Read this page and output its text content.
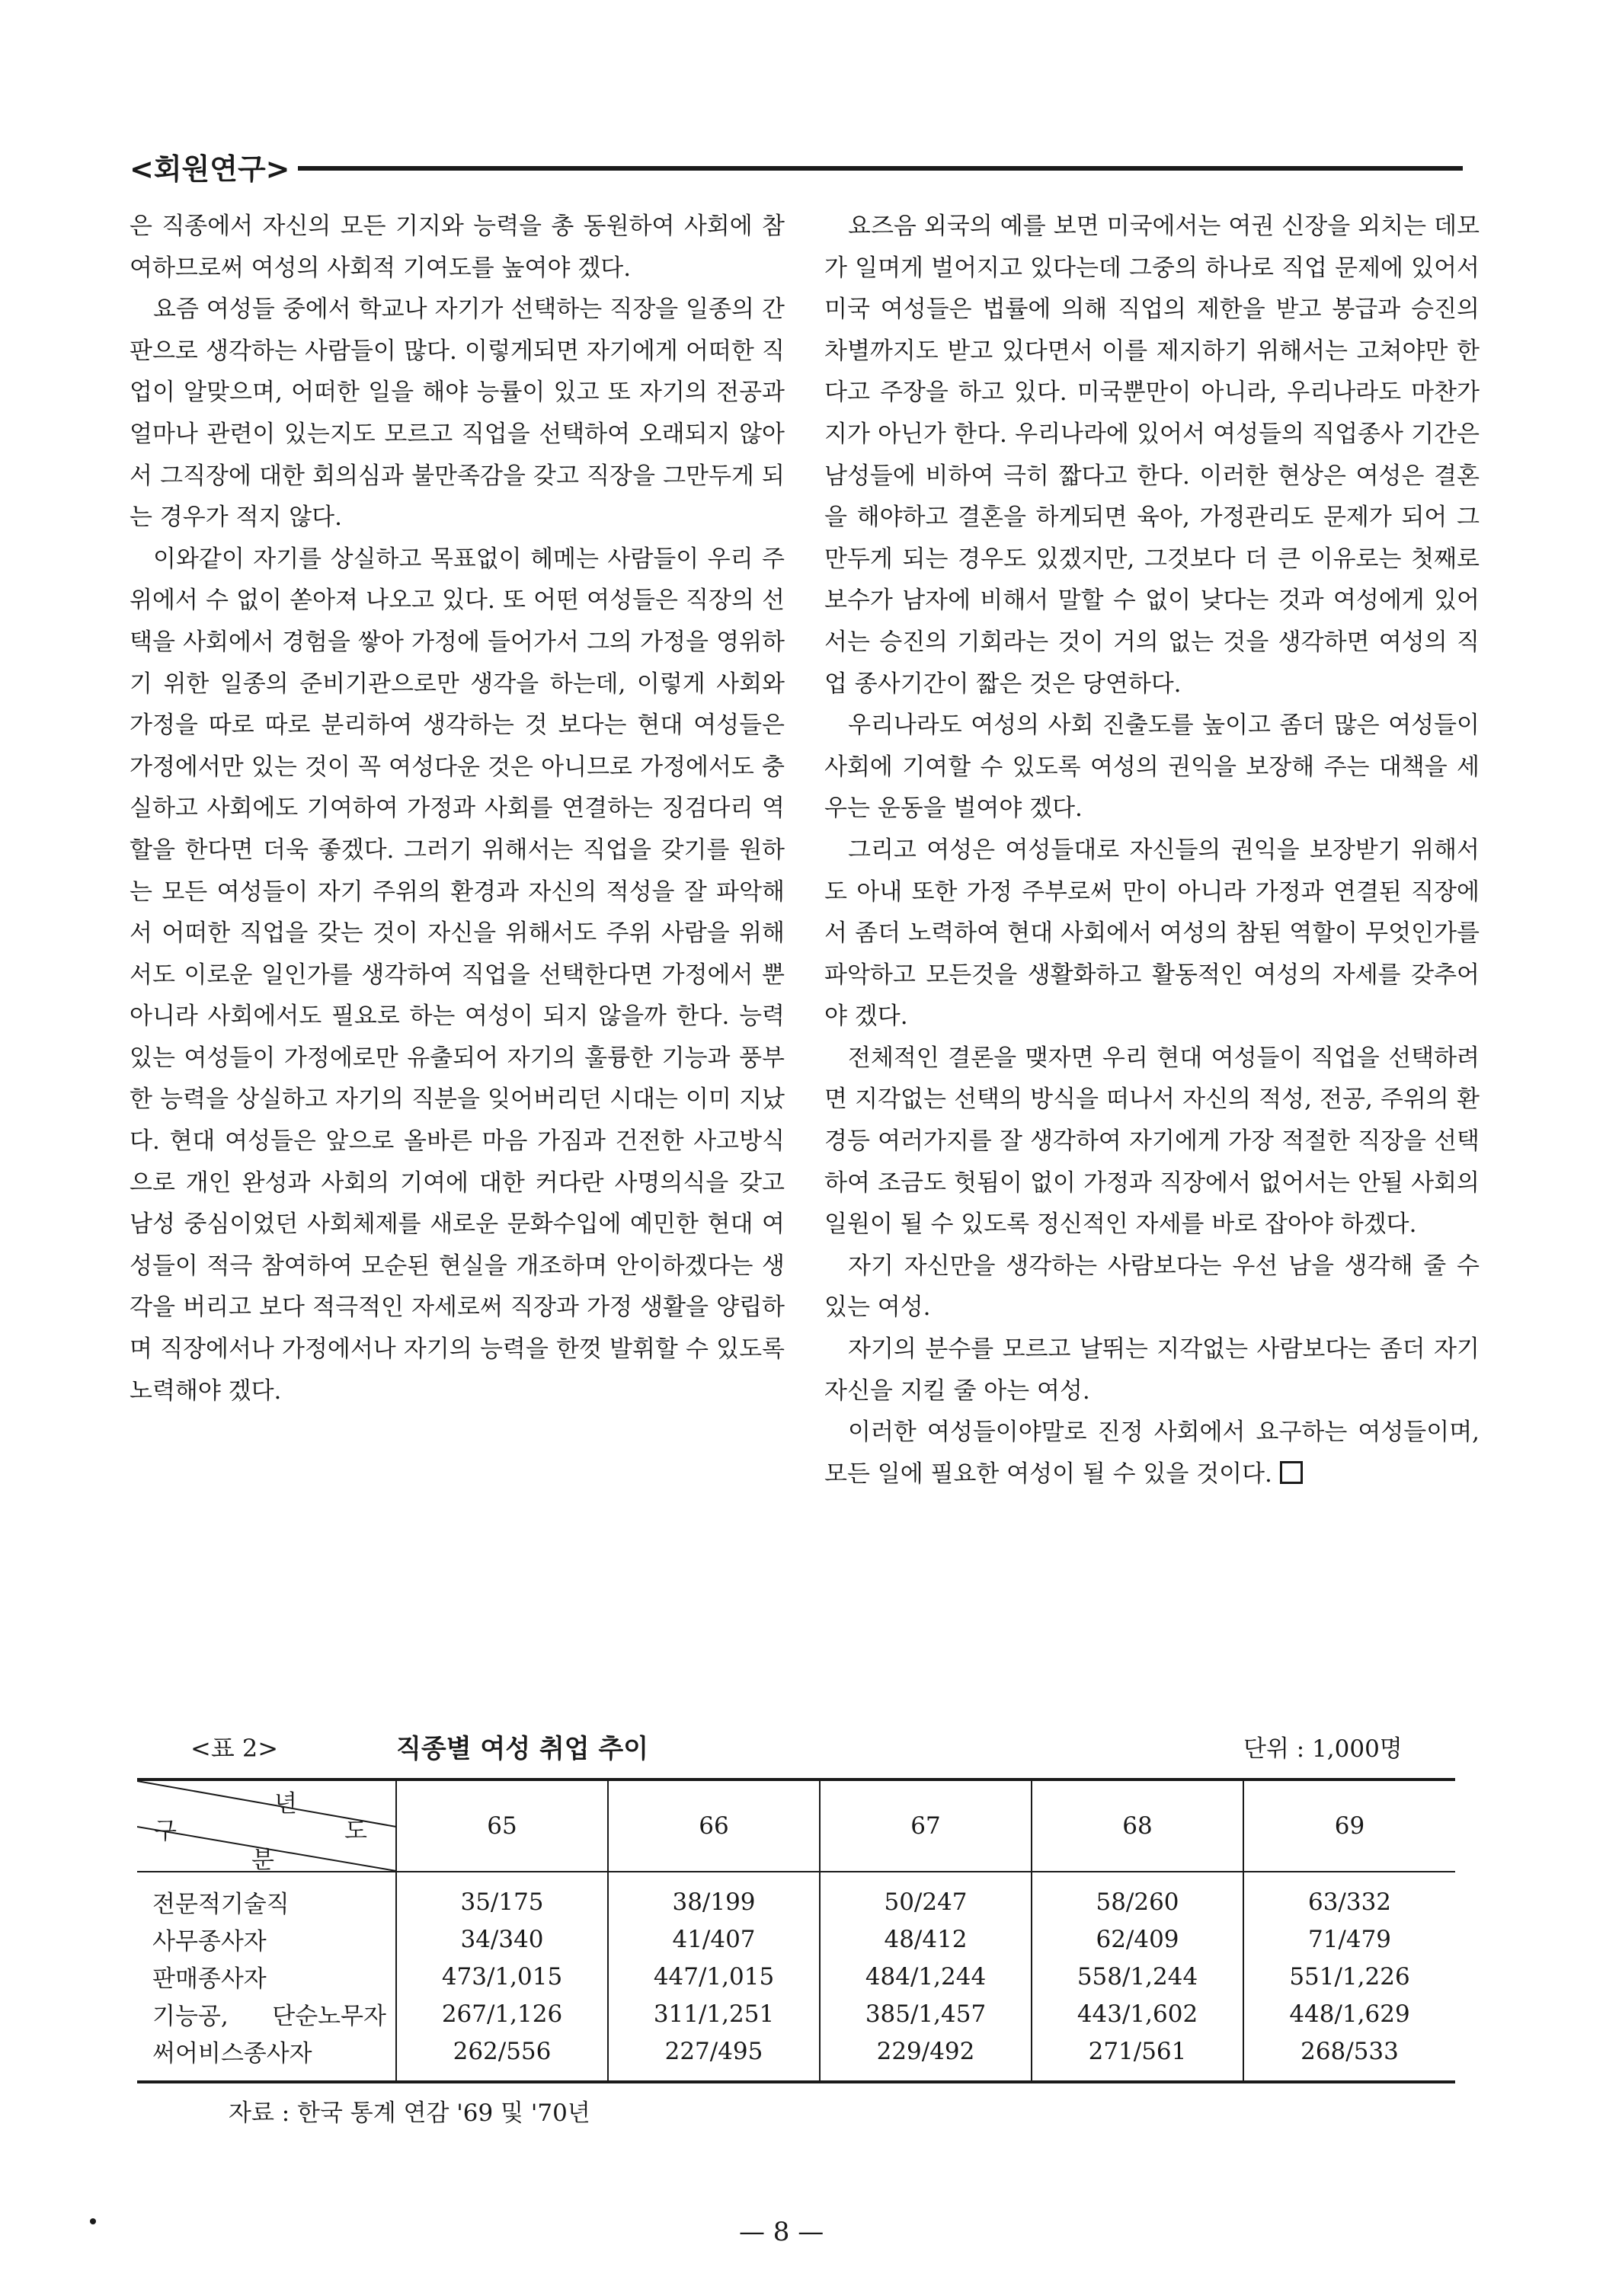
<회원연구>

은 직종에서 자신의 모든 기지와 능력을 총 동원하여 사회에 참여하므로써 여성의 사회적 기여도를 높여야 겠다.

요즘 여성들 중에서 학교나 자기가 선택하는 직장을 일종의 간판으로 생각하는 사람들이 많다. 이렇게되면 자기에게 어떠한 직업이 알맞으며, 어떠한 일을 해야 능률이 있고 또 자기의 전공과 얼마나 관련이 있는지도 모르고 직업을 선택하여 오래되지 않아서 그직장에 대한 회의심과 불만족감을 갖고 직장을 그만두게 되는 경우가 적지 않다.

이와같이 자기를 상실하고 목표없이 헤메는 사람들이 우리 주위에서 수 없이 쏟아져 나오고 있다. 또 어떤 여성들은 직장의 선택을 사회에서 경험을 쌓아 가정에 들어가서 그의 가정을 영위하기 위한 일종의 준비기관으로만 생각을 하는데, 이렇게 사회와 가정을 따로 따로 분리하여 생각하는 것 보다는 현대 여성들은 가정에서만 있는 것이 꼭 여성다운 것은 아니므로 가정에서도 충실하고 사회에도 기여하여 가정과 사회를 연결하는 징검다리 역할을 한다면 더욱 좋겠다. 그러기 위해서는 직업을 갖기를 원하는 모든 여성들이 자기 주위의 환경과 자신의 적성을 잘 파악해서 어떠한 직업을 갖는 것이 자신을 위해서도 주위 사람을 위해서도 이로운 일인가를 생각하여 직업을 선택한다면 가정에서 뿐 아니라 사회에서도 필요로 하는 여성이 되지 않을까 한다. 능력있는 여성들이 가정에로만 유출되어 자기의 훌륭한 기능과 풍부한 능력을 상실하고 자기의 직분을 잊어버리던 시대는 이미 지났다. 현대 여성들은 앞으로 올바른 마음 가짐과 건전한 사고방식으로 개인 완성과 사회의 기여에 대한 커다란 사명의식을 갖고 남성 중심이었던 사회체제를 새로운 문화수입에 예민한 현대 여성들이 적극 참여하여 모순된 현실을 개조하며 안이하겠다는 생각을 버리고 보다 적극적인 자세로써 직장과 가정 생활을 양립하며 직장에서나 가정에서나 자기의 능력을 한껏 발휘할 수 있도록 노력해야 겠다.

요즈음 외국의 예를 보면 미국에서는 여권 신장을 외치는 데모가 일며게 벌어지고 있다는데 그중의 하나로 직업 문제에 있어서 미국 여성들은 법률에 의해 직업의 제한을 받고 봉급과 승진의 차별까지도 받고 있다면서 이를 제지하기 위해서는 고쳐야만 한다고 주장을 하고 있다. 미국뿐만이 아니라, 우리나라도 마찬가지가 아닌가 한다. 우리나라에 있어서 여성들의 직업종사 기간은 남성들에 비하여 극히 짧다고 한다. 이러한 현상은 여성은 결혼을 해야하고 결혼을 하게되면 육아, 가정관리도 문제가 되어 그만두게 되는 경우도 있겠지만, 그것보다 더 큰 이유로는 첫째로 보수가 남자에 비해서 말할 수 없이 낮다는 것과 여성에게 있어서는 승진의 기회라는 것이 거의 없는 것을 생각하면 여성의 직업 종사기간이 짧은 것은 당연하다.

우리나라도 여성의 사회 진출도를 높이고 좀더 많은 여성들이 사회에 기여할 수 있도록 여성의 권익을 보장해 주는 대책을 세우는 운동을 벌여야 겠다.

그리고 여성은 여성들대로 자신들의 권익을 보장받기 위해서도 아내 또한 가정 주부로써 만이 아니라 가정과 연결된 직장에서 좀더 노력하여 현대 사회에서 여성의 참된 역할이 무엇인가를 파악하고 모든것을 생활화하고 활동적인 여성의 자세를 갖추어야 겠다.

전체적인 결론을 맺자면 우리 현대 여성들이 직업을 선택하려면 지각없는 선택의 방식을 떠나서 자신의 적성, 전공, 주위의 환경등 여러가지를 잘 생각하여 자기에게 가장 적절한 직장을 선택하여 조금도 헛됨이 없이 가정과 직장에서 없어서는 안될 사회의 일원이 될 수 있도록 정신적인 자세를 바로 잡아야 하겠다.

자기 자신만을 생각하는 사람보다는 우선 남을 생각해 줄 수 있는 여성.

자기의 분수를 모르고 날뛰는 지각없는 사람보다는 좀더 자기 자신을 지킬 줄 아는 여성.

이러한 여성들이야말로 진정 사회에서 요구하는 여성들이며, 모든 일에 필요한 여성이 될 수 있을 것이다.

<표 2>	직종별 여성 취업 추이	단위 : 1,000명
년
도
구
분	65	66	67	68	69
전문적기술직	35/175	38/199	50/247	58/260	63/332
사무종사자	34/340	41/407	48/412	62/409	71/479
판매종사자	473/1,015	447/1,015	484/1,244	558/1,244	551/1,226
기능공, 단순노무자	267/1,126	311/1,251	385/1,457	443/1,602	448/1,629
써어비스종사자	262/556	227/495	229/492	271/561	268/533
자료 : 한국 통계 연감 '69 및 '70년
— 8 —
